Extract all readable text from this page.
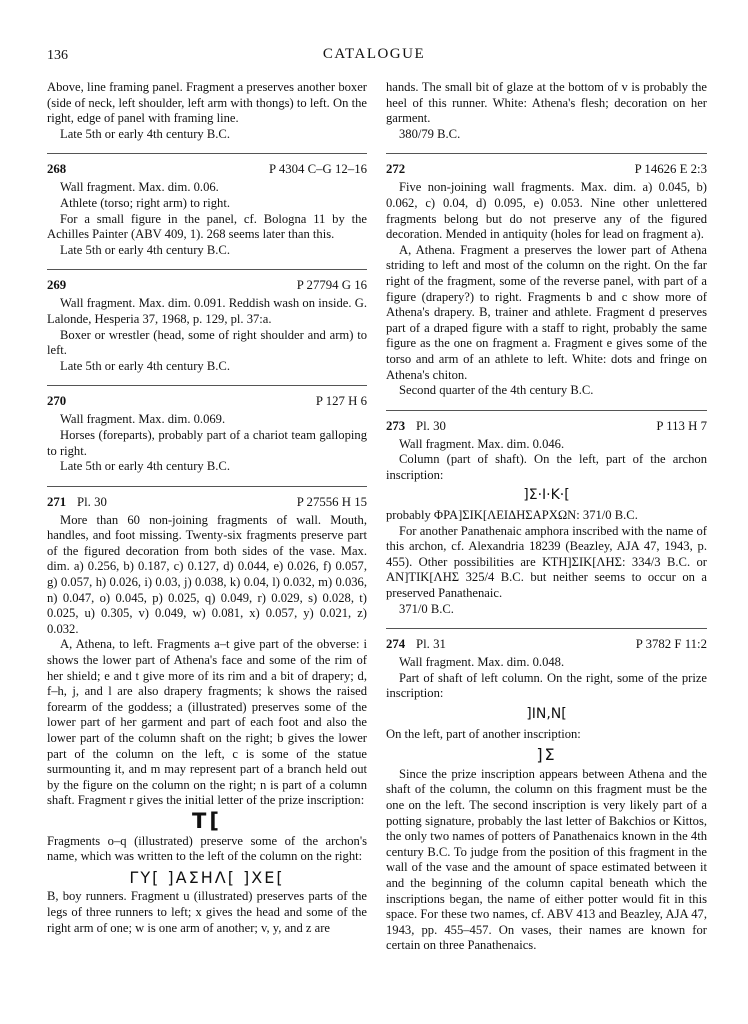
136	CATALOGUE

Above, line framing panel. Fragment a preserves another boxer (side of neck, left shoulder, left arm with thongs) to left. On the right, edge of panel with framing line.

Late 5th or early 4th century B.C.

268	P 4304 C–G 12–16

Wall fragment. Max. dim. 0.06.

Athlete (torso; right arm) to right.

For a small figure in the panel, cf. Bologna 11 by the Achilles Painter (ABV 409, 1). 268 seems later than this.

Late 5th or early 4th century B.C.

269	P 27794 G 16

Wall fragment. Max. dim. 0.091. Reddish wash on inside. G. Lalonde, Hesperia 37, 1968, p. 129, pl. 37:a.

Boxer or wrestler (head, some of right shoulder and arm) to left.

Late 5th or early 4th century B.C.

270	P 127 H 6

Wall fragment. Max. dim. 0.069.

Horses (foreparts), probably part of a chariot team galloping to right.

Late 5th or early 4th century B.C.

271 Pl. 30	P 27556 H 15

More than 60 non-joining fragments of wall. Mouth, handles, and foot missing. Twenty-six fragments preserve part of the figured decoration from both sides of the vase. Max. dim. a) 0.256, b) 0.187, c) 0.127, d) 0.044, e) 0.026, f) 0.057, g) 0.057, h) 0.026, i) 0.03, j) 0.038, k) 0.04, l) 0.032, m) 0.036, n) 0.047, o) 0.045, p) 0.025, q) 0.049, r) 0.029, s) 0.028, t) 0.025, u) 0.305, v) 0.049, w) 0.081, x) 0.057, y) 0.021, z) 0.032.

A, Athena, to left. Fragments a–t give part of the obverse: i shows the lower part of Athena's face and some of the rim of her shield; e and t give more of its rim and a bit of drapery; d, f–h, j, and l are also drapery fragments; k shows the raised forearm of the goddess; a (illustrated) preserves some of the lower part of her garment and part of each foot and also the lower part of the column shaft on the right; b gives the lower part of the column on the left, c is some of the statue surmounting it, and m may represent part of a branch held out by the figure on the column on the right; n is part of a column shaft. Fragment r gives the initial letter of the prize inscription:

T[

Fragments o–q (illustrated) preserve some of the archon's name, which was written to the left of the column on the right:

ΓΥ[ ]ΑΣΗΛ[ ]ΧΕ[

B, boy runners. Fragment u (illustrated) preserves parts of the legs of three runners to left; x gives the head and some of the right arm of one; w is one arm of another; v, y, and z are

hands. The small bit of glaze at the bottom of v is probably the heel of this runner. White: Athena's flesh; decoration on her garment.

380/79 B.C.

272	P 14626 E 2:3

Five non-joining wall fragments. Max. dim. a) 0.045, b) 0.062, c) 0.04, d) 0.095, e) 0.053. Nine other unlettered fragments belong but do not preserve any of the figured decoration. Mended in antiquity (holes for lead on fragment a).

A, Athena. Fragment a preserves the lower part of Athena striding to left and most of the column on the right. On the far right of the fragment, some of the reverse panel, with part of a figure (drapery?) to right. Fragments b and c show more of Athena's drapery. B, trainer and athlete. Fragment d preserves part of a draped figure with a staff to right, probably the same figure as the one on fragment a. Fragment e gives some of the torso and arm of an athlete to left. White: dots and fringe on Athena's chiton.

Second quarter of the 4th century B.C.

273 Pl. 30	P 113 H 7

Wall fragment. Max. dim. 0.046.

Column (part of shaft). On the left, part of the archon inscription:

]Σ·I·K·[

probably ΦΡΑ]ΣΙΚ[ΛΕΙΔΗΣΑΡΧΩΝ: 371/0 B.C.

For another Panathenaic amphora inscribed with the name of this archon, cf. Alexandria 18239 (Beazley, AJA 47, 1943, p. 455). Other possibilities are ΚΤΗ]ΣΙΚ[ΛΗΣ: 334/3 B.C. or ΑΝ]ΤΙΚ[ΛΗΣ 325/4 B.C. but neither seems to occur on a preserved Panathenaic.

371/0 B.C.

274 Pl. 31	P 3782 F 11:2

Wall fragment. Max. dim. 0.048.

Part of shaft of left column. On the right, some of the prize inscription:

]ΙΝ,Ν[

On the left, part of another inscription:

]Σ

Since the prize inscription appears between Athena and the shaft of the column, the column on this fragment must be the one on the left. The second inscription is very likely part of a potting signature, probably the last letter of Bakchios or Kittos, the only two names of potters of Panathenaics known in the 4th century B.C. To judge from the position of this fragment in the wall of the vase and the amount of space estimated between it and the beginning of the column capital beneath which the inscriptions began, the name of either potter would fit in this space. For these two names, cf. ABV 413 and Beazley, AJA 47, 1943, pp. 455–457. On vases, their names are known for certain on three Panathenaics.
